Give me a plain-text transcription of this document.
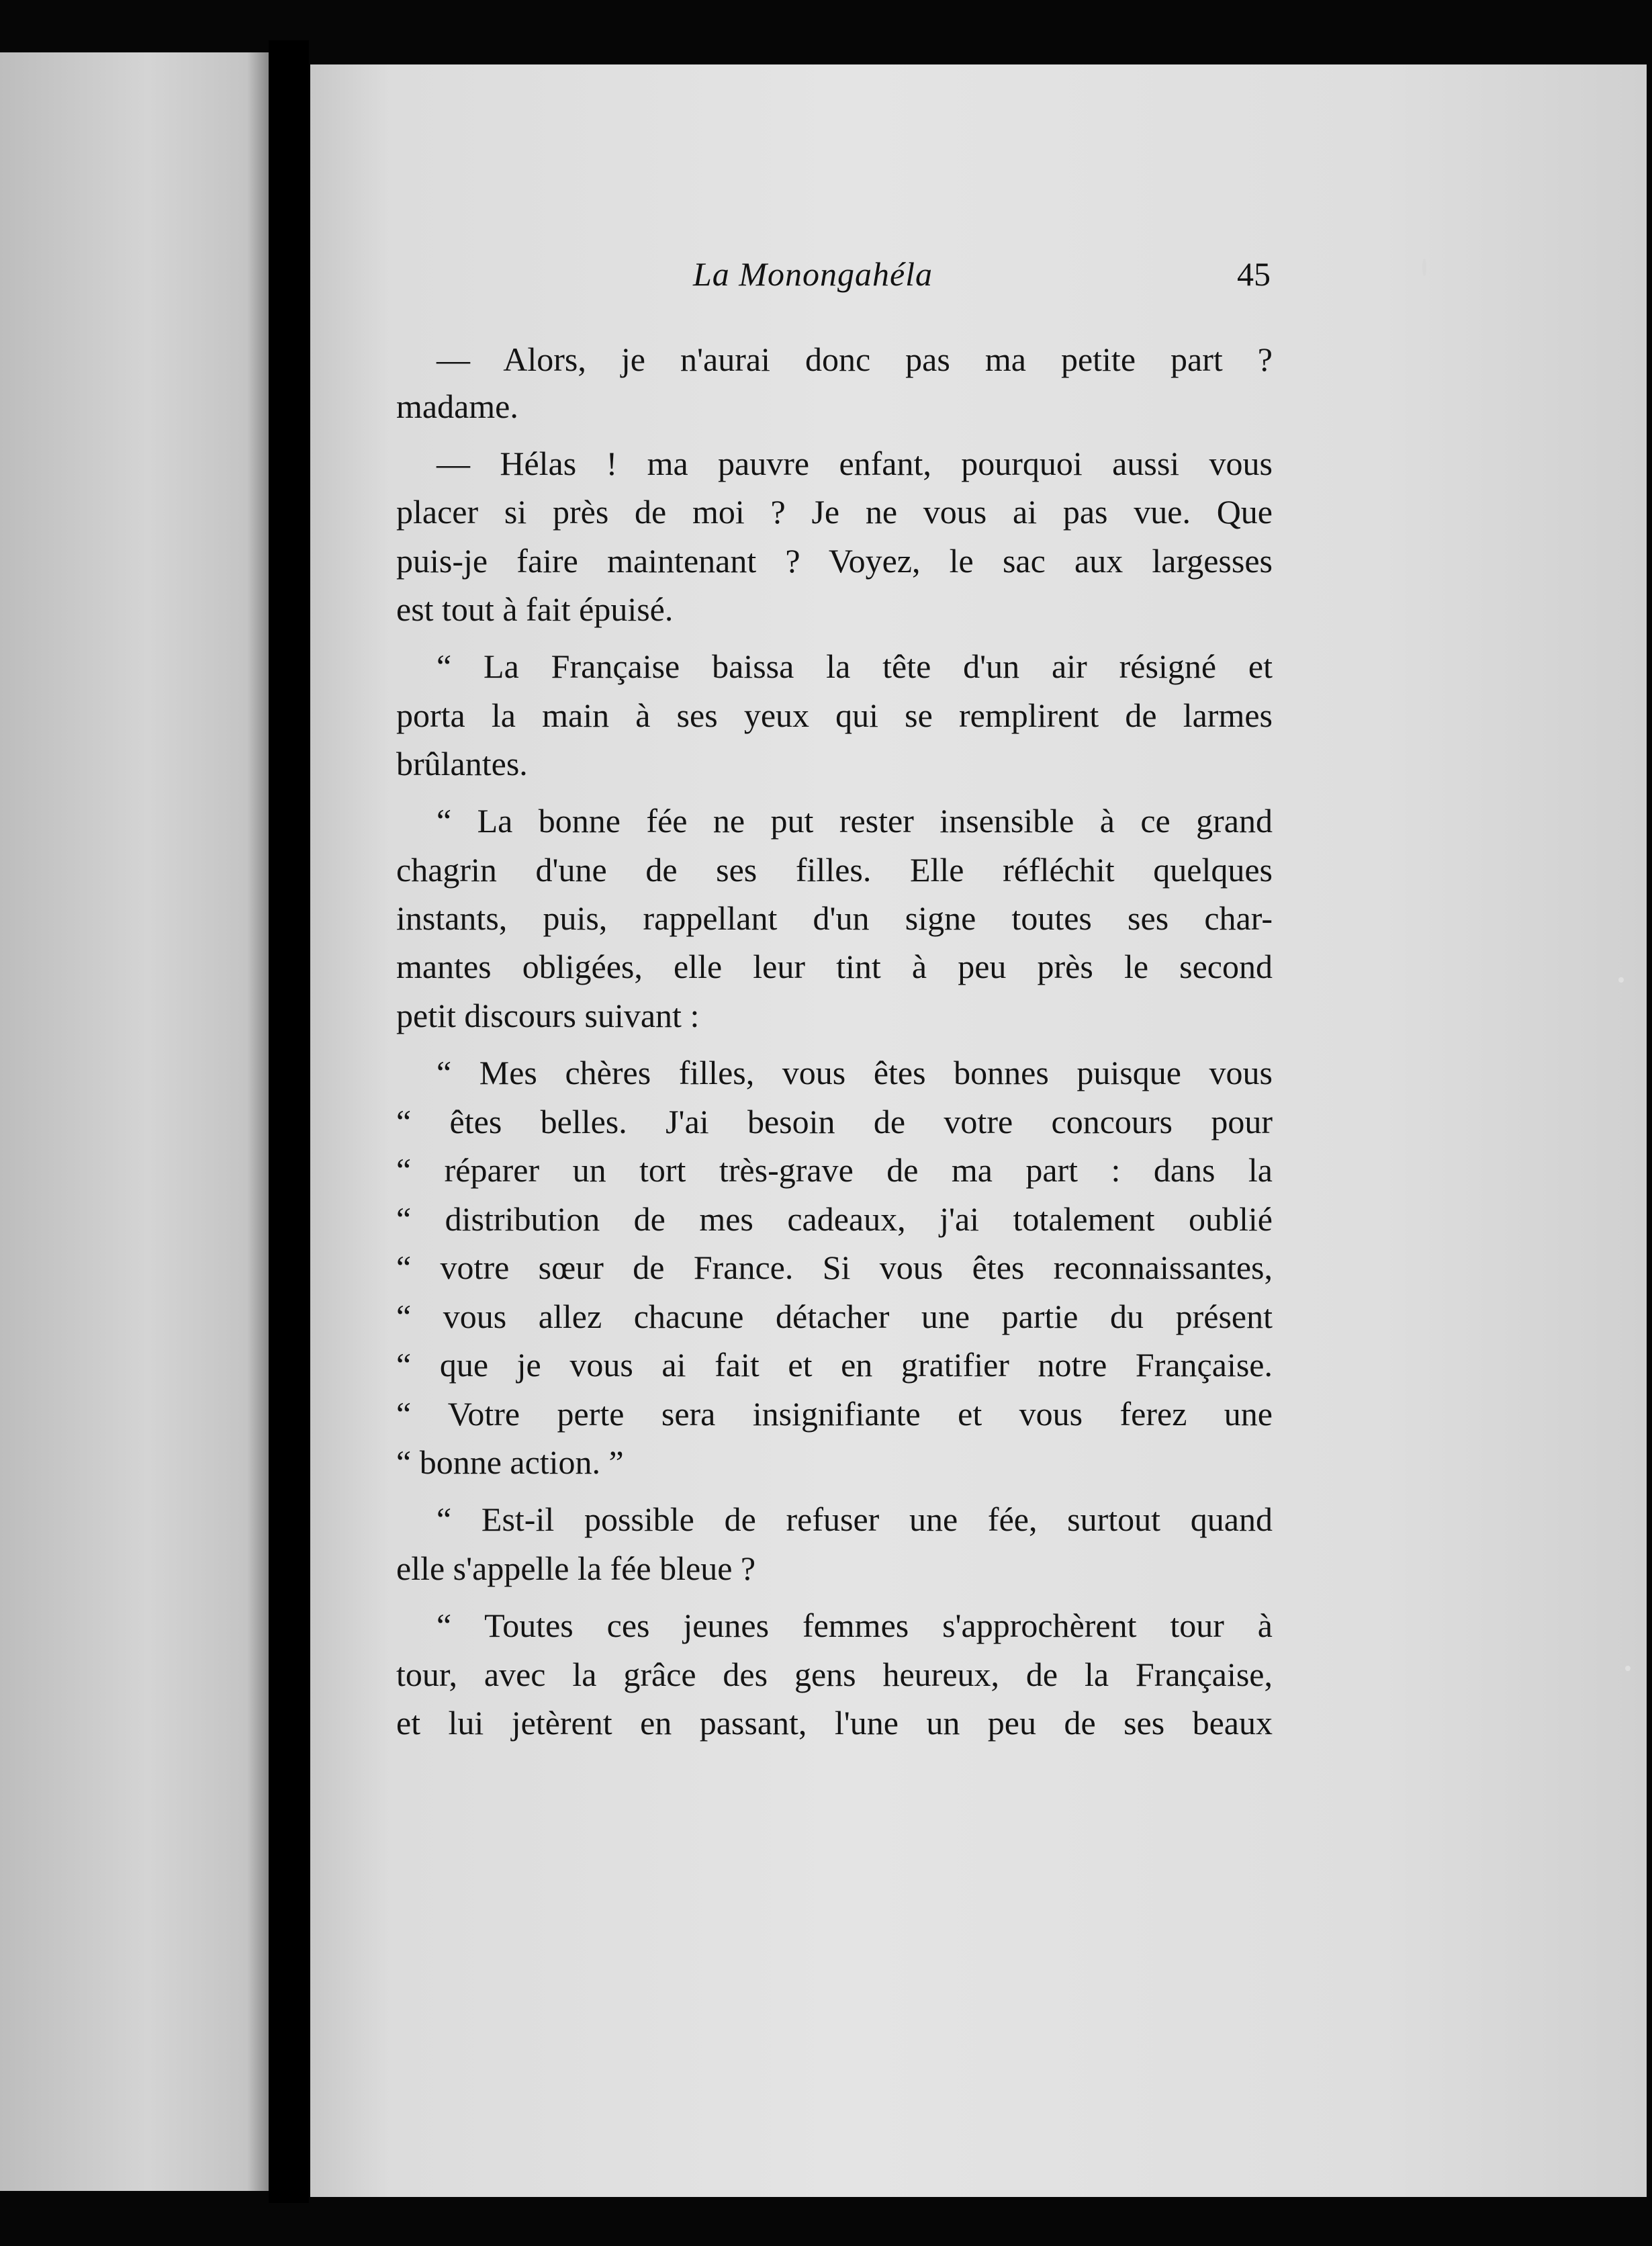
La Monongahéla	45
— Alors, je n'aurai donc pas ma petite part ?
madame.
— Hélas ! ma pauvre enfant, pourquoi aussi vous
placer si près de moi ? Je ne vous ai pas vue. Que
puis-je faire maintenant ? Voyez, le sac aux largesses
est tout à fait épuisé.
“ La Française baissa la tête d'un air résigné et
porta la main à ses yeux qui se remplirent de larmes
brûlantes.
“ La bonne fée ne put rester insensible à ce grand
chagrin d'une de ses filles. Elle réfléchit quelques
instants, puis, rappellant d'un signe toutes ses char-
mantes obligées, elle leur tint à peu près le second
petit discours suivant :
“ Mes chères filles, vous êtes bonnes puisque vous
“ êtes belles. J'ai besoin de votre concours pour
“ réparer un tort très-grave de ma part : dans la
“ distribution de mes cadeaux, j'ai totalement oublié
“ votre sœur de France. Si vous êtes reconnaissantes,
“ vous allez chacune détacher une partie du présent
“ que je vous ai fait et en gratifier notre Française.
“ Votre perte sera insignifiante et vous ferez une
“ bonne action. ”
“ Est-il possible de refuser une fée, surtout quand
elle s'appelle la fée bleue ?
“ Toutes ces jeunes femmes s'approchèrent tour à
tour, avec la grâce des gens heureux, de la Française,
et lui jetèrent en passant, l'une un peu de ses beaux
